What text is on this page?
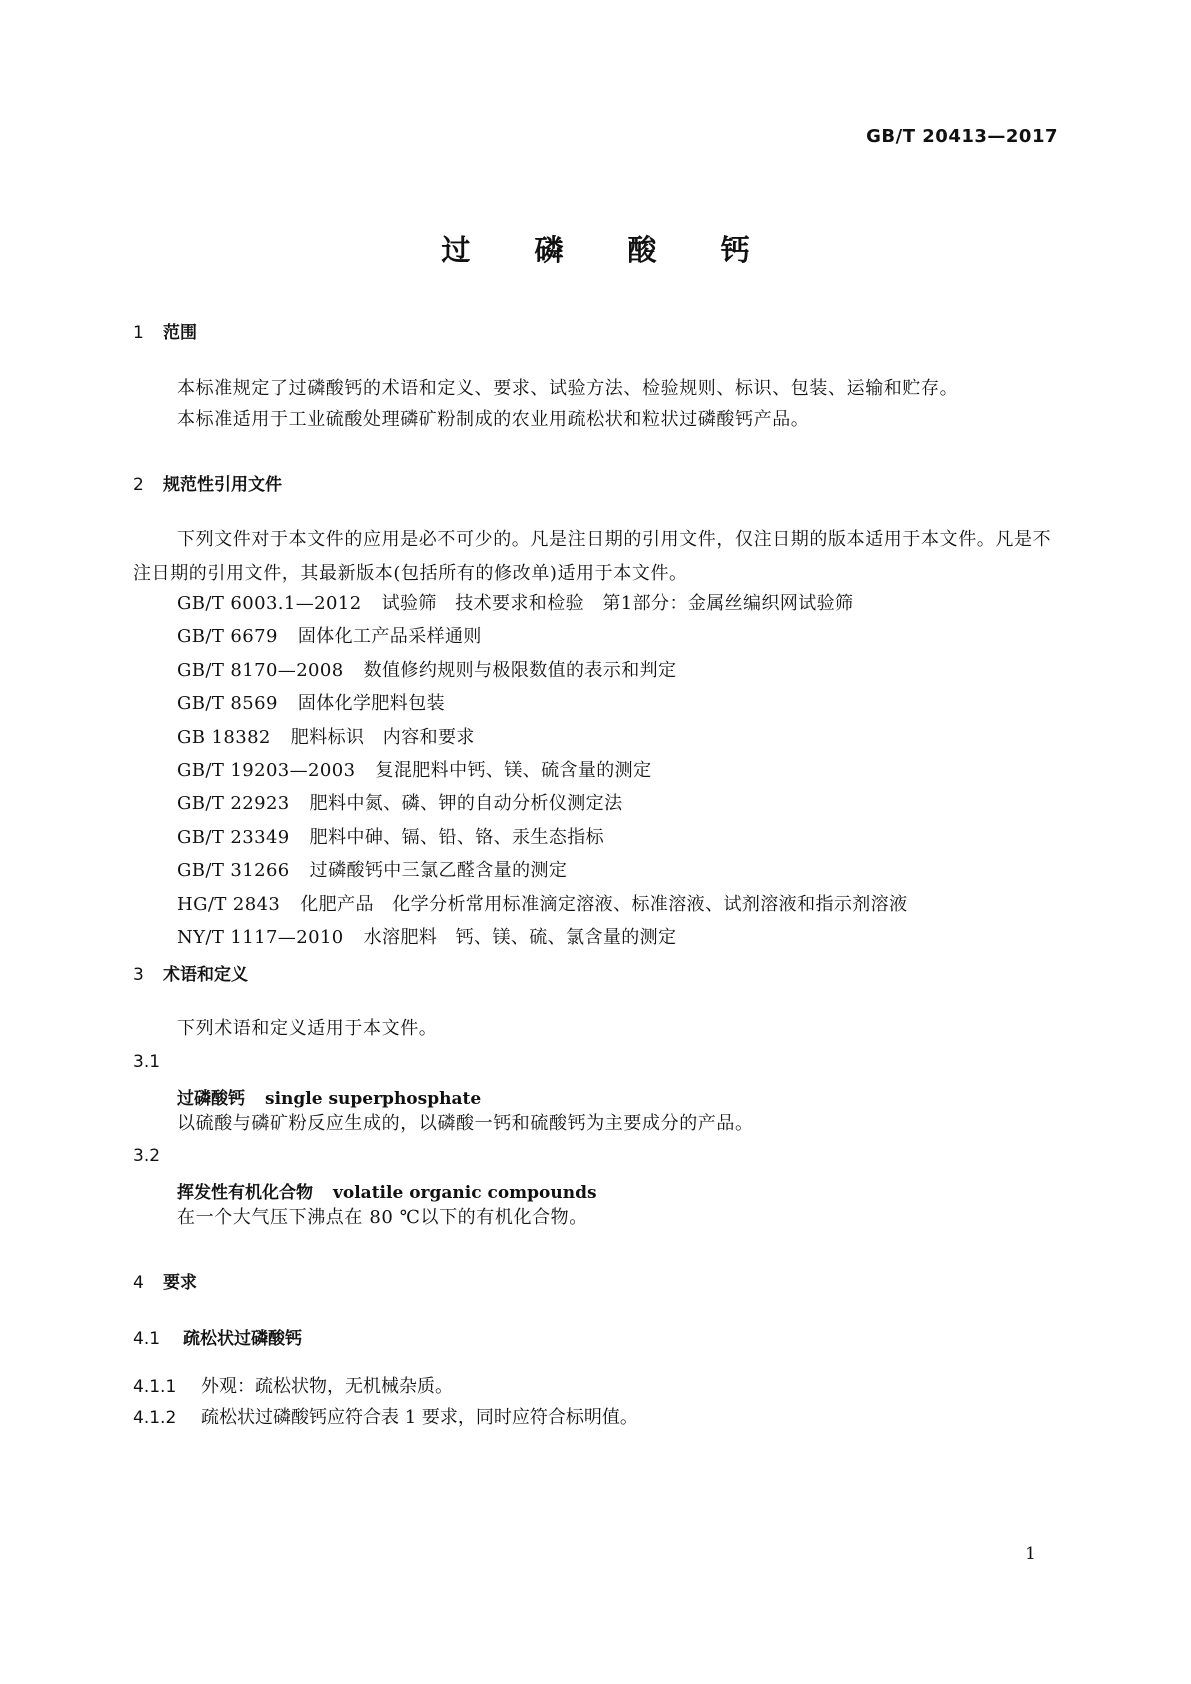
GB/T 20413—2017
过 磷 酸 钙
1 范围
本标准规定了过磷酸钙的术语和定义、要求、试验方法、检验规则、标识、包装、运输和贮存。
本标准适用于工业硫酸处理磷矿粉制成的农业用疏松状和粒状过磷酸钙产品。
2 规范性引用文件
下列文件对于本文件的应用是必不可少的。凡是注日期的引用文件，仅注日期的版本适用于本文件。凡是不注日期的引用文件，其最新版本(包括所有的修改单)适用于本文件。
GB/T 6003.1—2012 试验筛　技术要求和检验　第1部分：金属丝编织网试验筛
GB/T 6679 固体化工产品采样通则
GB/T 8170—2008 数值修约规则与极限数值的表示和判定
GB/T 8569 固体化学肥料包装
GB 18382 肥料标识　内容和要求
GB/T 19203—2003 复混肥料中钙、镁、硫含量的测定
GB/T 22923 肥料中氮、磷、钾的自动分析仪测定法
GB/T 23349 肥料中砷、镉、铅、铬、汞生态指标
GB/T 31266 过磷酸钙中三氯乙醛含量的测定
HG/T 2843 化肥产品　化学分析常用标准滴定溶液、标准溶液、试剂溶液和指示剂溶液
NY/T 1117—2010 水溶肥料　钙、镁、硫、氯含量的测定
3 术语和定义
下列术语和定义适用于本文件。
3.1
过磷酸钙 single superphosphate
以硫酸与磷矿粉反应生成的，以磷酸一钙和硫酸钙为主要成分的产品。
3.2
挥发性有机化合物 volatile organic compounds
在一个大气压下沸点在 80 ℃以下的有机化合物。
4 要求
4.1 疏松状过磷酸钙
4.1.1 外观：疏松状物，无机械杂质。
4.1.2 疏松状过磷酸钙应符合表 1 要求，同时应符合标明值。
1
